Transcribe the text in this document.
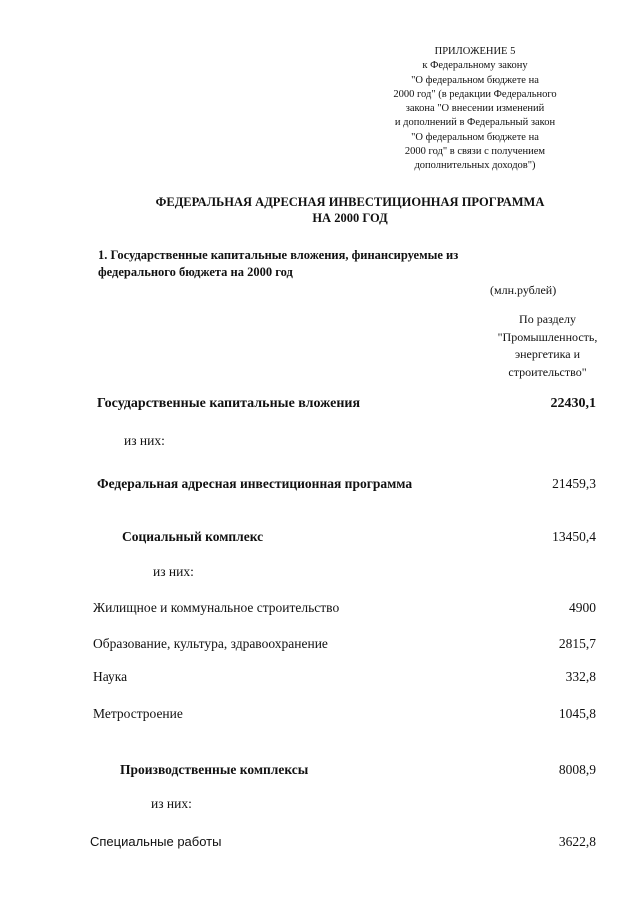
ПРИЛОЖЕНИЕ 5
к Федеральному закону
"О федеральном бюджете на
2000 год" (в редакции Федерального
закона "О внесении изменений
и дополнений в Федеральный закон
"О федеральном бюджете на
2000 год" в связи с получением
дополнительных доходов")
ФЕДЕРАЛЬНАЯ АДРЕСНАЯ ИНВЕСТИЦИОННАЯ ПРОГРАММА
НА 2000 ГОД
1. Государственные капитальные вложения, финансируемые из
федерального бюджета на 2000 год
(млн.рублей)
По разделу
"Промышленность,
энергетика и
строительство"
Государственные капитальные вложения	22430,1
из них:
Федеральная адресная инвестиционная программа	21459,3
Социальный комплекс	13450,4
из них:
Жилищное и коммунальное строительство	4900
Образование, культура, здравоохранение	2815,7
Наука	332,8
Метростроение	1045,8
Производственные комплексы	8008,9
из них:
Специальные работы	3622,8
